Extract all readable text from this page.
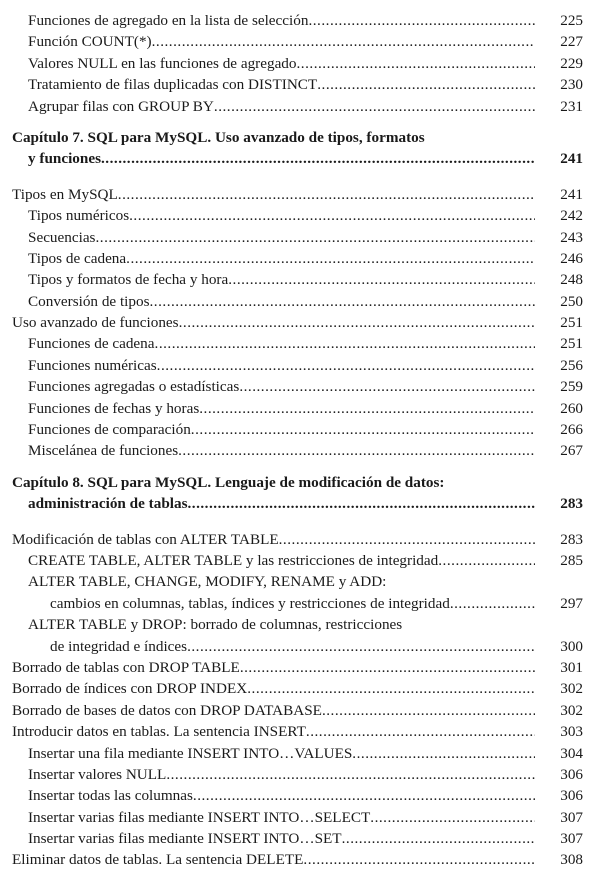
Funciones de agregado en la lista de selección .....	225
Función COUNT(*) .....	227
Valores NULL en las funciones de agregado .....	229
Tratamiento de filas duplicadas con DISTINCT .....	230
Agrupar filas con GROUP BY .....	231
Capítulo 7. SQL para MySQL. Uso avanzado de tipos, formatos
y funciones .....	241
Tipos en MySQL .....	241
Tipos numéricos .....	242
Secuencias .....	243
Tipos de cadena .....	246
Tipos y formatos de fecha y hora .....	248
Conversión de tipos .....	250
Uso avanzado de funciones .....	251
Funciones de cadena .....	251
Funciones numéricas .....	256
Funciones agregadas o estadísticas .....	259
Funciones de fechas y horas .....	260
Funciones de comparación .....	266
Miscelánea de funciones .....	267
Capítulo 8. SQL para MySQL. Lenguaje de modificación de datos:
administración de tablas .....	283
Modificación de tablas con ALTER TABLE .....	283
CREATE TABLE, ALTER TABLE y las restricciones de integridad .....	285
ALTER TABLE, CHANGE, MODIFY, RENAME y ADD:
cambios en columnas, tablas, índices y restricciones de integridad .....	297
ALTER TABLE y DROP: borrado de columnas, restricciones
de integridad e índices .....	300
Borrado de tablas con DROP TABLE .....	301
Borrado de índices con DROP INDEX .....	302
Borrado de bases de datos con DROP DATABASE .....	302
Introducir datos en tablas. La sentencia INSERT .....	303
Insertar una fila mediante INSERT INTO…VALUES .....	304
Insertar valores NULL .....	306
Insertar todas las columnas .....	306
Insertar varias filas mediante INSERT INTO…SELECT .....	307
Insertar varias filas mediante INSERT INTO…SET .....	307
Eliminar datos de tablas. La sentencia DELETE .....	308
